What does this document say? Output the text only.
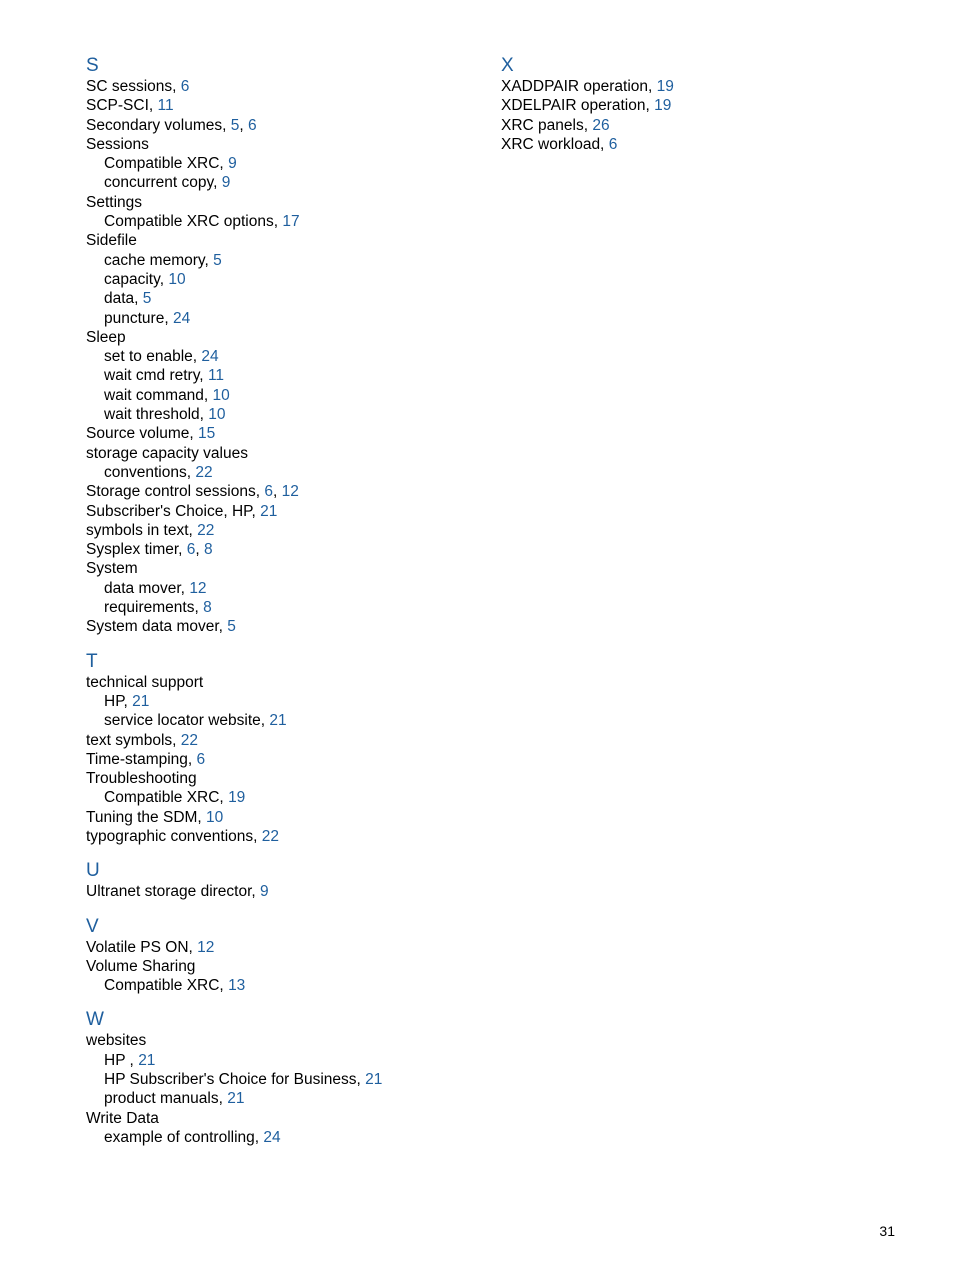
S
SC sessions, 6
SCP-SCI, 11
Secondary volumes, 5, 6
Sessions
Compatible XRC, 9
concurrent copy, 9
Settings
Compatible XRC options, 17
Sidefile
cache memory, 5
capacity, 10
data, 5
puncture, 24
Sleep
set to enable, 24
wait cmd retry, 11
wait command, 10
wait threshold, 10
Source volume, 15
storage capacity values
conventions, 22
Storage control sessions, 6, 12
Subscriber's Choice, HP, 21
symbols in text, 22
Sysplex timer, 6, 8
System
data mover, 12
requirements, 8
System data mover, 5
T
technical support
HP, 21
service locator website, 21
text symbols, 22
Time-stamping, 6
Troubleshooting
Compatible XRC, 19
Tuning the SDM, 10
typographic conventions, 22
U
Ultranet storage director, 9
V
Volatile PS ON, 12
Volume Sharing
Compatible XRC, 13
W
websites
HP , 21
HP Subscriber's Choice for Business, 21
product manuals, 21
Write Data
example of controlling, 24
X
XADDPAIR operation, 19
XDELPAIR operation, 19
XRC panels, 26
XRC workload, 6
31
